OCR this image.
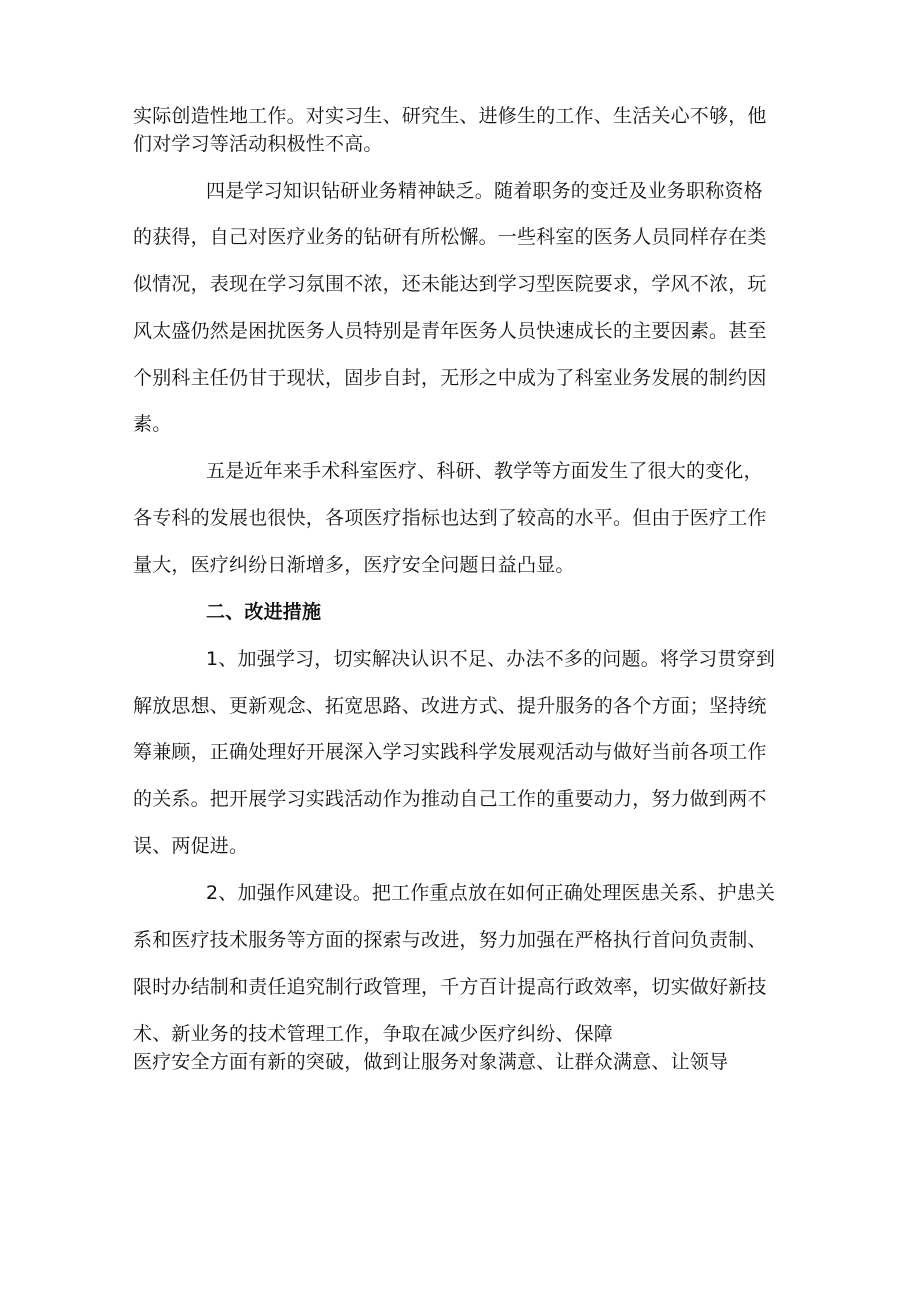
实际创造性地工作。对实习生、研究生、进修生的工作、生活关心不够，他
们对学习等活动积极性不高。
四是学习知识钻研业务精神缺乏。随着职务的变迁及业务职称资格
的获得，自己对医疗业务的钻研有所松懈。一些科室的医务人员同样存在类
似情况，表现在学习氛围不浓，还未能达到学习型医院要求，学风不浓，玩
风太盛仍然是困扰医务人员特别是青年医务人员快速成长的主要因素。甚至
个别科主任仍甘于现状，固步自封，无形之中成为了科室业务发展的制约因
素。
五是近年来手术科室医疗、科研、教学等方面发生了很大的变化，
各专科的发展也很快，各项医疗指标也达到了较高的水平。但由于医疗工作
量大，医疗纠纷日渐增多，医疗安全问题日益凸显。
二、改进措施
1、加强学习，切实解决认识不足、办法不多的问题。将学习贯穿到
解放思想、更新观念、拓宽思路、改进方式、提升服务的各个方面；坚持统
筹兼顾，正确处理好开展深入学习实践科学发展观活动与做好当前各项工作
的关系。把开展学习实践活动作为推动自己工作的重要动力，努力做到两不
误、两促进。
2、加强作风建设。把工作重点放在如何正确处理医患关系、护患关
系和医疗技术服务等方面的探索与改进，努力加强在严格执行首问负责制、
限时办结制和责任追究制行政管理，千方百计提高行政效率，切实做好新技
术、新业务的技术管理工作，争取在减少医疗纠纷、保障
医疗安全方面有新的突破，做到让服务对象满意、让群众满意、让领导
